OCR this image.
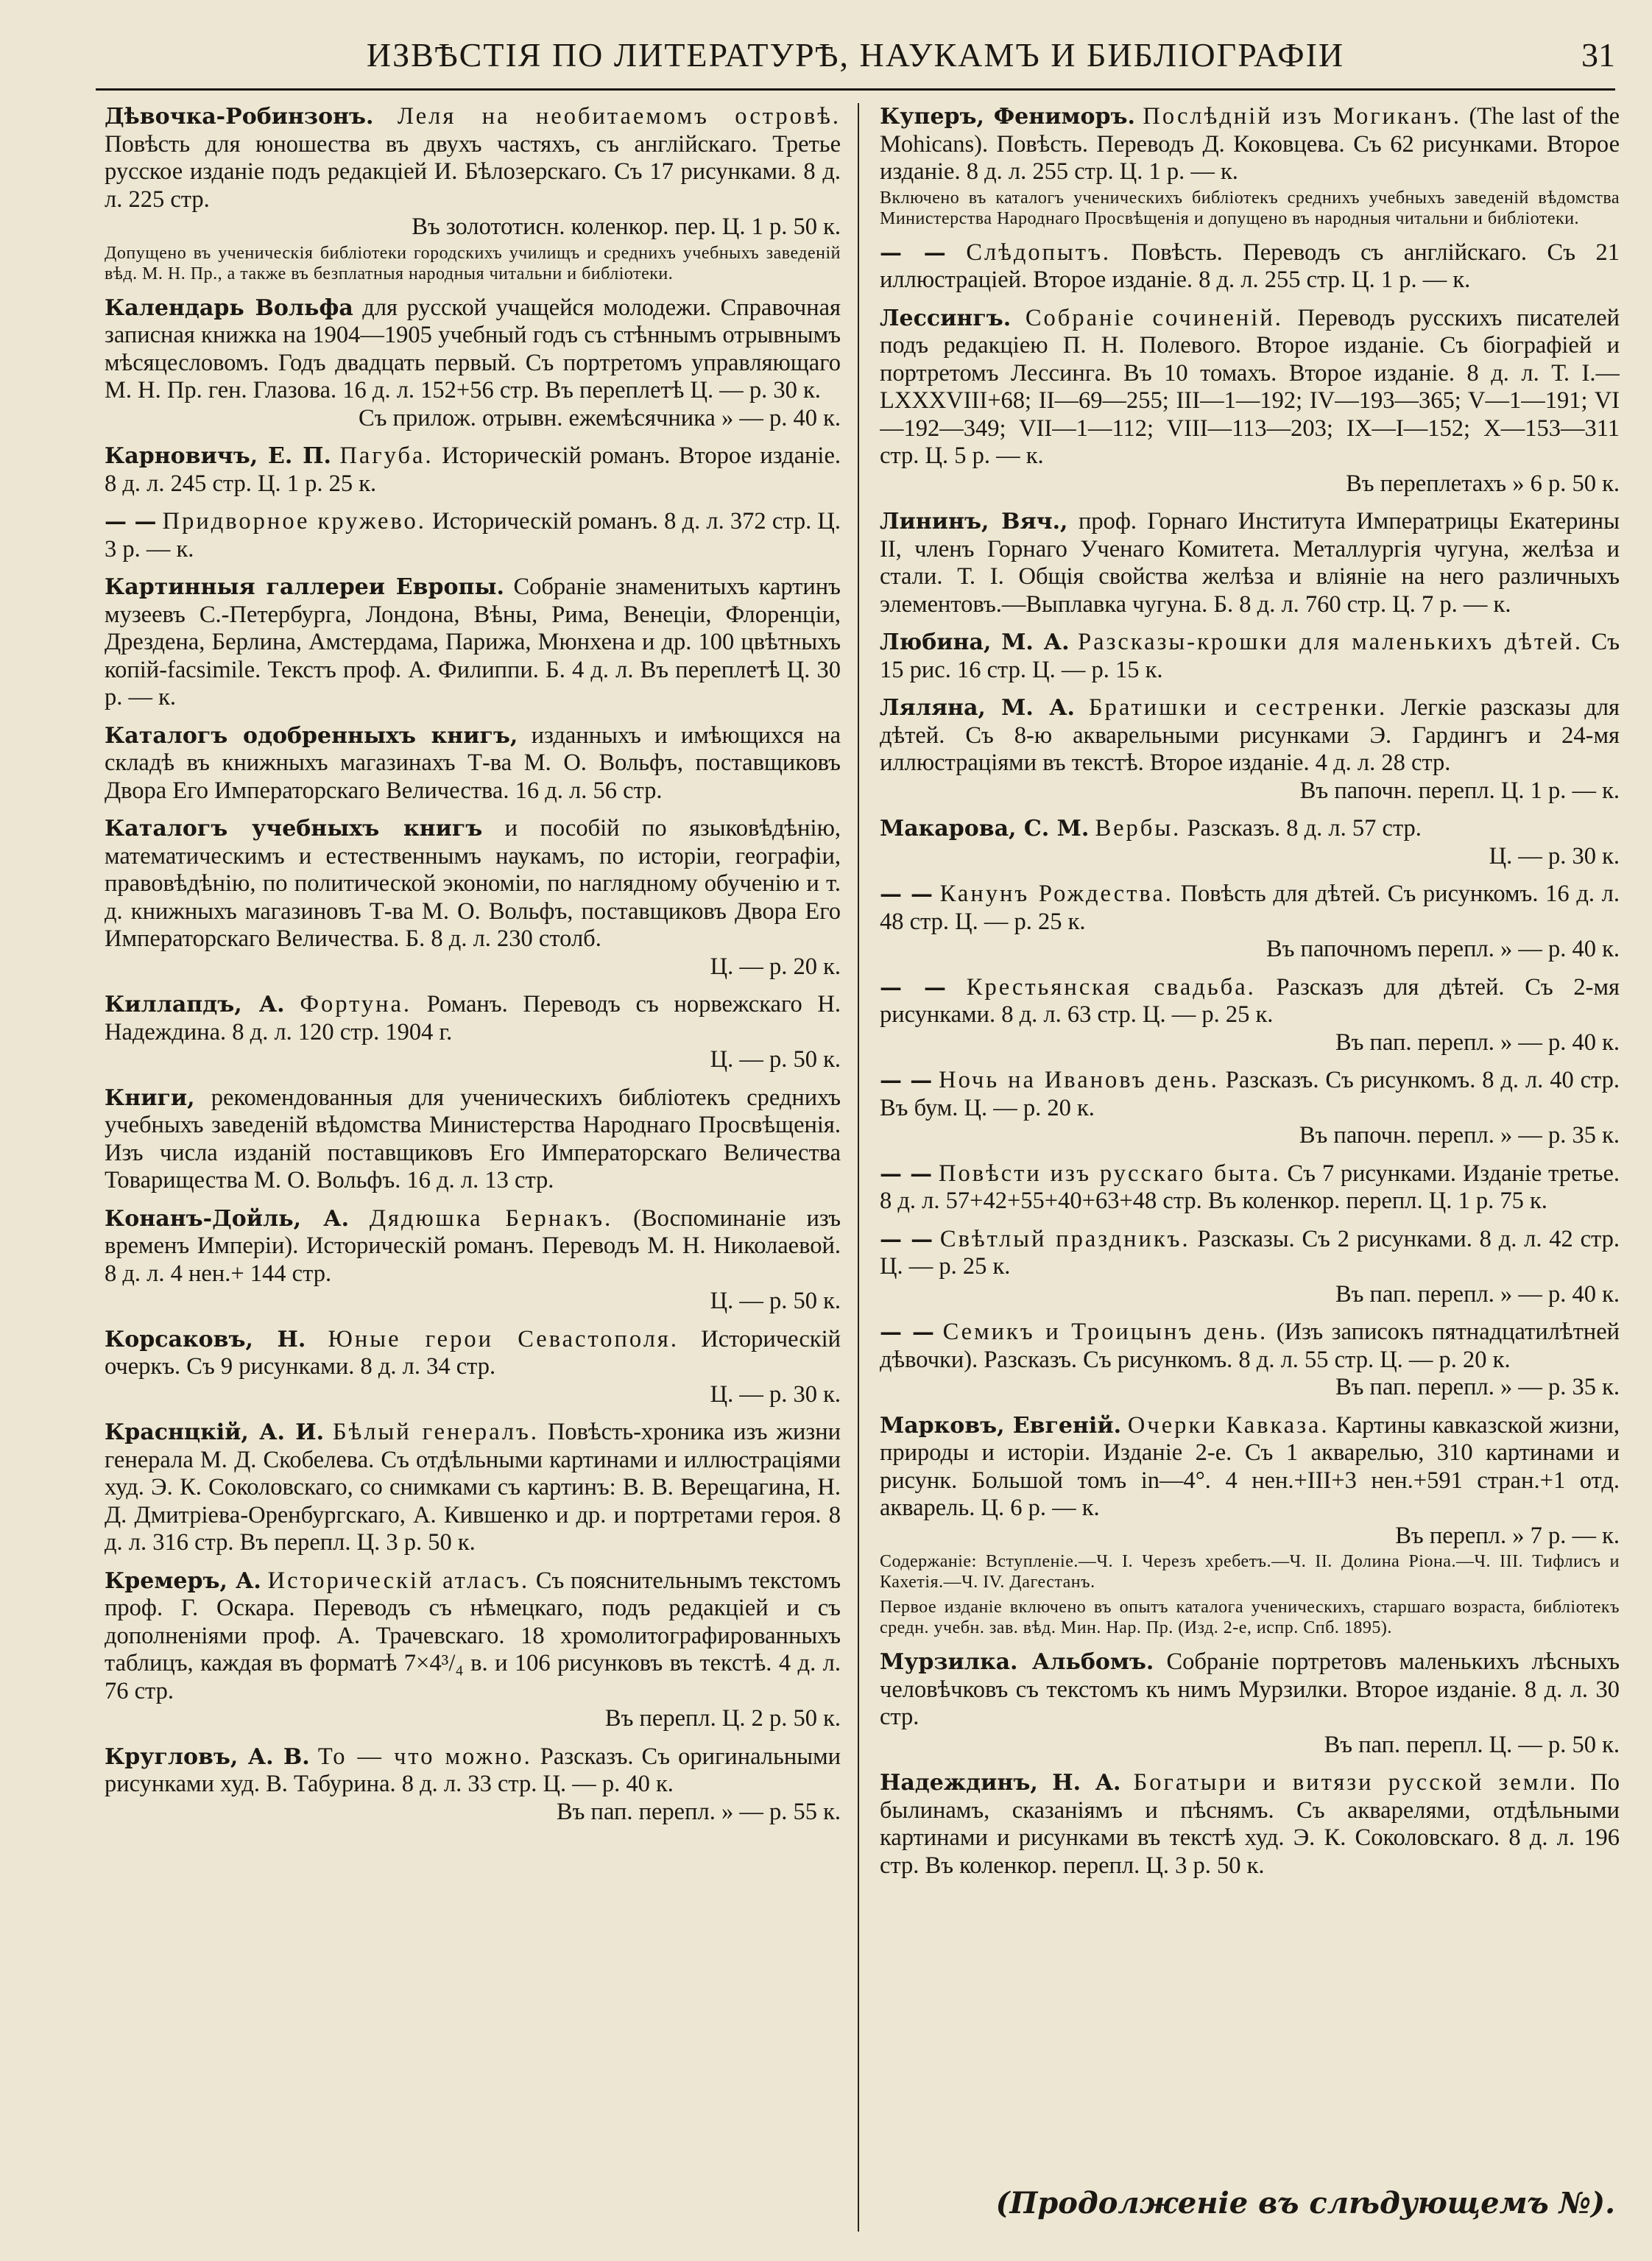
ИЗВѢСТІЯ ПО ЛИТЕРАТУРѢ, НАУКАМЪ И БИБЛІОГРАФІИ	31
Дѣвочка-Робинзонъ. Леля на необитаемомъ островѣ. Повѣсть для юношества въ двухъ частяхъ, съ англійскаго. Третье русское изданіе подъ редакціей И. Бѣлозерскаго. Съ 17 рисунками. 8 д. л. 225 стр.
Въ золототисн. коленкор. пер. Ц. 1 р. 50 к.
Допущено въ ученическія библіотеки городскихъ училищъ и среднихъ учебныхъ заведеній вѣд. М. Н. Пр., а также въ безплатныя народныя читальни и библіотеки.
Календарь Вольфа для русской учащейся молодежи. Справочная записная книжка на 1904—1905 учебный годъ съ стѣннымъ отрывнымъ мѣсяцесловомъ. Годъ двадцать первый. Съ портретомъ управляющаго М. Н. Пр. ген. Глазова. 16 д. л. 152+56 стр. Въ переплетѣ Ц. — р. 30 к.
Съ прилож. отрывн. ежемѣсячника » — р. 40 к.
Карновичъ, Е. П. Пагуба. Историческій романъ. Второе изданіе. 8 д. л. 245 стр. Ц. 1 р. 25 к.
— — Придворное кружево. Историческій романъ. 8 д. л. 372 стр. Ц. 3 р. — к.
Картинныя галлереи Европы. Собраніе знаменитыхъ картинъ музеевъ С.-Петербурга, Лондона, Вѣны, Рима, Венеціи, Флоренціи, Дрездена, Берлина, Амстердама, Парижа, Мюнхена и др. 100 цвѣтныхъ копій-facsimile. Текстъ проф. А. Филиппи. Б. 4 д. л. Въ переплетѣ Ц. 30 р. — к.
Каталогъ одобренныхъ книгъ, изданныхъ и имѣющихся на складѣ въ книжныхъ магазинахъ Т-ва М. О. Вольфъ, поставщиковъ Двора Его Императорскаго Величества. 16 д. л. 56 стр.
Каталогъ учебныхъ книгъ и пособій по языковѣдѣнію, математическимъ и естественнымъ наукамъ, по исторіи, географіи, правовѣдѣнію, по политической экономіи, по наглядному обученію и т. д. книжныхъ магазиновъ Т-ва М. О. Вольфъ, поставщиковъ Двора Его Императорскаго Величества. Б. 8 д. л. 230 столб.
Ц. — р. 20 к.
Киллапдъ, А. Фортуна. Романъ. Переводъ съ норвежскаго Н. Надеждина. 8 д. л. 120 стр. 1904 г.
Ц. — р. 50 к.
Книги, рекомендованныя для ученическихъ библіотекъ среднихъ учебныхъ заведеній вѣдомства Министерства Народнаго Просвѣщенія. Изъ числа изданій поставщиковъ Его Императорскаго Величества Товарищества М. О. Вольфъ. 16 д. л. 13 стр.
Конанъ-Дойль, А. Дядюшка Бернакъ. (Воспоминаніе изъ временъ Имперіи). Историческій романъ. Переводъ М. Н. Николаевой. 8 д. л. 4 нен.+ 144 стр.
Ц. — р. 50 к.
Корсаковъ, Н. Юные герои Севастополя. Историческій очеркъ. Съ 9 рисунками. 8 д. л. 34 стр.
Ц. — р. 30 к.
Краснцкій, А. И. Бѣлый генералъ. Повѣсть-хроника изъ жизни генерала М. Д. Скобелева. Съ отдѣльными картинами и иллюстраціями худ. Э. К. Соколовскаго, со снимками съ картинъ: В. В. Верещагина, Н. Д. Дмитріева-Оренбургскаго, А. Кившенко и др. и портретами героя. 8 д. л. 316 стр. Въ перепл. Ц. 3 р. 50 к.
Кремеръ, А. Историческій атласъ. Съ пояснительнымъ текстомъ проф. Г. Оскара. Переводъ съ нѣмецкаго, подъ редакціей и съ дополненіями проф. А. Трачевскаго. 18 хромолитографированныхъ таблицъ, каждая въ форматѣ 7×4³/₄ в. и 106 рисунковъ въ текстѣ. 4 д. л. 76 стр.
Въ перепл. Ц. 2 р. 50 к.
Кругловъ, А. В. То — что можно. Разсказъ. Съ оригинальными рисунками худ. В. Табурина. 8 д. л. 33 стр. Ц. — р. 40 к.
Въ пап. перепл. » — р. 55 к.
Куперъ, Фениморъ. Послѣдній изъ Могиканъ. (The last of the Mohicans). Повѣсть. Переводъ Д. Коковцева. Съ 62 рисунками. Второе изданіе. 8 д. л. 255 стр. Ц. 1 р. — к.
Включено въ каталогъ ученическихъ библіотекъ среднихъ учебныхъ заведеній вѣдомства Министерства Народнаго Просвѣщенія и допущено въ народныя читальни и библіотеки.
— — Слѣдопытъ. Повѣсть. Переводъ съ англійскаго. Съ 21 иллюстраціей. Второе изданіе. 8 д. л. 255 стр. Ц. 1 р. — к.
Лессингъ. Собраніе сочиненій. Переводъ русскихъ писателей подъ редакціею П. Н. Полевого. Второе изданіе. Съ біографіей и портретомъ Лессинга. Въ 10 томахъ. Второе изданіе. 8 д. л. Т. I.—LXXXVIII+68; II—69—255; III—1—192; IV—193—365; V—1—191; VI—192—349; VII—1—112; VIII—113—203; IX—I—152; X—153—311 стр. Ц. 5 р. — к.
Въ переплетахъ » 6 р. 50 к.
Лининъ, Вяч., проф. Горнаго Института Императрицы Екатерины II, членъ Горнаго Ученаго Комитета. Металлургія чугуна, желѣза и стали. Т. I. Общія свойства желѣза и вліяніе на него различныхъ элементовъ.—Выплавка чугуна. Б. 8 д. л. 760 стр. Ц. 7 р. — к.
Любина, М. А. Разсказы-крошки для маленькихъ дѣтей. Съ 15 рис. 16 стр. Ц. — р. 15 к.
Ляляна, М. А. Братишки и сестренки. Легкіе разсказы для дѣтей. Съ 8-ю акварельными рисунками Э. Гардингъ и 24-мя иллюстраціями въ текстѣ. Второе изданіе. 4 д. л. 28 стр.
Въ папочн. перепл. Ц. 1 р. — к.
Макарова, С. М. Вербы. Разсказъ. 8 д. л. 57 стр.
Ц. — р. 30 к.
— — Канунъ Рождества. Повѣсть для дѣтей. Съ рисункомъ. 16 д. л. 48 стр. Ц. — р. 25 к.
Въ папочномъ перепл. » — р. 40 к.
— — Крестьянская свадьба. Разсказъ для дѣтей. Съ 2-мя рисунками. 8 д. л. 63 стр. Ц. — р. 25 к.
Въ пап. перепл. » — р. 40 к.
— — Ночь на Ивановъ день. Разсказъ. Съ рисункомъ. 8 д. л. 40 стр. Въ бум. Ц. — р. 20 к.
Въ папочн. перепл. » — р. 35 к.
— — Повѣсти изъ русскаго быта. Съ 7 рисунками. Изданіе третье. 8 д. л. 57+42+55+40+63+48 стр. Въ коленкор. перепл. Ц. 1 р. 75 к.
— — Свѣтлый праздникъ. Разсказы. Съ 2 рисунками. 8 д. л. 42 стр. Ц. — р. 25 к.
Въ пап. перепл. » — р. 40 к.
— — Семикъ и Троицынъ день. (Изъ записокъ пятнадцатилѣтней дѣвочки). Разсказъ. Съ рисункомъ. 8 д. л. 55 стр. Ц. — р. 20 к.
Въ пап. перепл. » — р. 35 к.
Марковъ, Евгеній. Очерки Кавказа. Картины кавказской жизни, природы и исторіи. Изданіе 2-е. Съ 1 акварелью, 310 картинами и рисунк. Большой томъ in—4°. 4 нен.+III+3 нен.+591 стран.+1 отд. акварель. Ц. 6 р. — к.
Въ перепл. » 7 р. — к.
Содержаніе: Вступленіе.—Ч. I. Черезъ хребетъ.—Ч. II. Долина Ріона.—Ч. III. Тифлисъ и Кахетія.—Ч. IV. Дагестанъ.
Первое изданіе включено въ опытъ каталога ученическихъ, старшаго возраста, библіотекъ средн. учебн. зав. вѣд. Мин. Нар. Пр. (Изд. 2-е, испр. Спб. 1895).
Мурзилка. Альбомъ. Собраніе портретовъ маленькихъ лѣсныхъ человѣчковъ съ текстомъ къ нимъ Мурзилки. Второе изданіе. 8 д. л. 30 стр.
Въ пап. перепл. Ц. — р. 50 к.
Надеждинъ, Н. А. Богатыри и витязи русской земли. По былинамъ, сказаніямъ и пѣснямъ. Съ акварелями, отдѣльными картинами и рисунками въ текстѣ худ. Э. К. Соколовскаго. 8 д. л. 196 стр. Въ коленкор. перепл. Ц. 3 р. 50 к.
(Продолженіе въ слѣдующемъ №).
